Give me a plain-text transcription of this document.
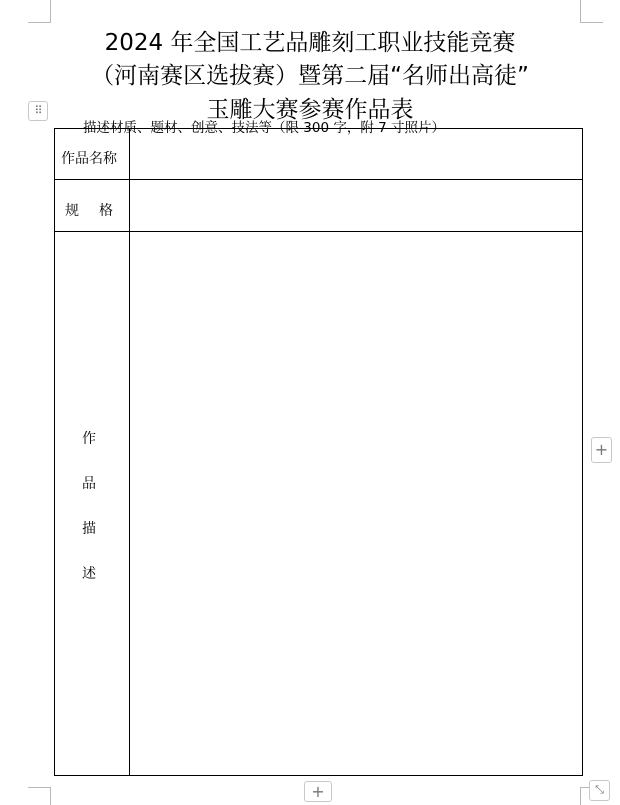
2024 年全国工艺品雕刻工职业技能竞赛
（河南赛区选拔赛）暨第二届“名师出高徒”
玉雕大赛参赛作品表
⠿
作品名称
规 格
作
品
描
述
描述材质、题材、创意、技法等（限 300 字，附 7 寸照片）
+
+	⤡
